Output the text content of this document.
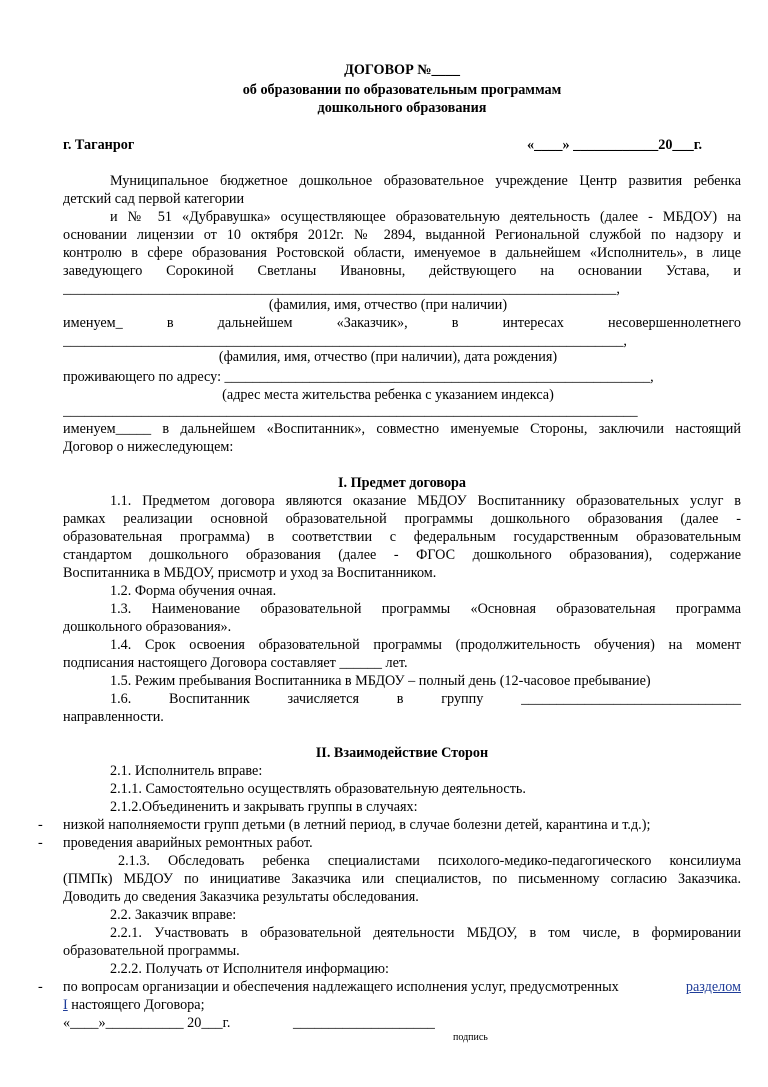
ДОГОВОР №____
об образовании по образовательным программам
дошкольного образования
г. Таганрог	«____» ____________20___г.
Муниципальное бюджетное дошкольное образовательное учреждение Центр развития ребенка
детский сад первой категории
и № 51 «Дубравушка» осуществляющее образовательную деятельность (далее - МБДОУ) на
основании лицензии от 10 октября 2012г. № 2894, выданной Региональной службой по надзору и
контролю в сфере образования Ростовской области, именуемое в дальнейшем «Исполнитель», в лице
заведующего Сорокиной Светланы Ивановны, действующего на основании Устава, и
______________________________________________________________________________,
(фамилия, имя, отчество (при наличии)
именуем_ в дальнейшем «Заказчик», в интересах несовершеннолетнего
_______________________________________________________________________________,
(фамилия, имя, отчество (при наличии), дата рождения)
проживающего по адресу: ____________________________________________________________,
(адрес места жительства ребенка с указанием индекса)
_________________________________________________________________________________
именуем_____ в дальнейшем «Воспитанник», совместно именуемые Стороны, заключили настоящий
Договор о нижеследующем:
I. Предмет договора
1.1. Предметом договора являются оказание МБДОУ Воспитаннику образовательных услуг в
рамках реализации основной образовательной программы дошкольного образования (далее -
образовательная программа) в соответствии с федеральным государственным образовательным
стандартом дошкольного образования (далее - ФГОС дошкольного образования), содержание
Воспитанника в МБДОУ, присмотр и уход за Воспитанником.
1.2. Форма обучения очная.
1.3. Наименование образовательной программы «Основная образовательная программа
дошкольного образования».
1.4. Срок освоения образовательной программы (продолжительность обучения) на момент
подписания настоящего Договора составляет ______ лет.
1.5. Режим пребывания Воспитанника в МБДОУ – полный день (12-часовое пребывание)
1.6. Воспитанник зачисляется в группу _______________________________
направленности.
II. Взаимодействие Сторон
2.1. Исполнитель вправе:
2.1.1. Самостоятельно осуществлять образовательную деятельность.
2.1.2.Объединенить и закрывать группы в случаях:
- низкой наполняемости групп детьми (в летний период, в случае болезни детей, карантина и т.д.);
- проведения аварийных ремонтных работ.
2.1.3. Обследовать ребенка специалистами психолого-медико-педагогического консилиума
(ПМПк) МБДОУ по инициативе Заказчика или специалистов, по письменному согласию Заказчика.
Доводить до сведения Заказчика результаты обследования.
2.2. Заказчик вправе:
2.2.1. Участвовать в образовательной деятельности МБДОУ, в том числе, в формировании
образовательной программы.
2.2.2. Получать от Исполнителя информацию:
- по вопросам организации и обеспечения надлежащего исполнения услуг, предусмотренных	разделом
I настоящего Договора;
«____»___________ 20___г.	____________________
подпись
